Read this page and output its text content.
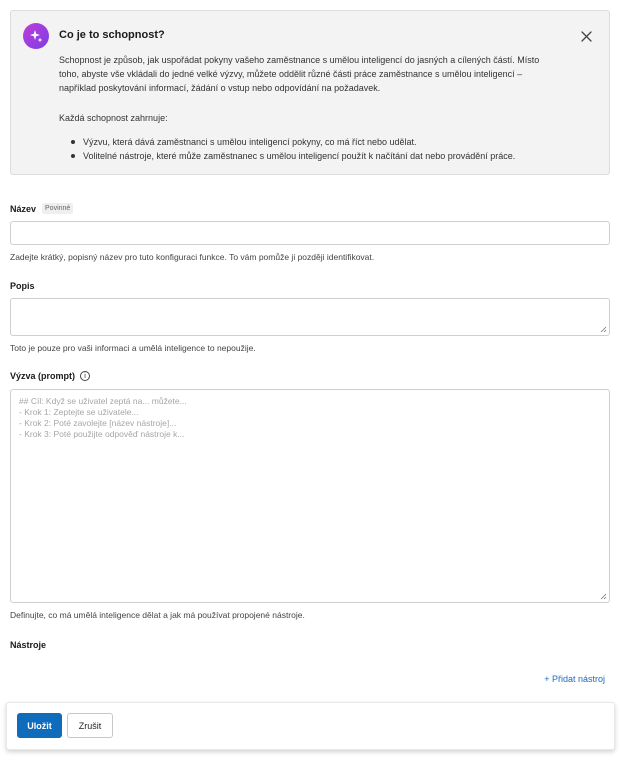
Co je to schopnost?
Schopnost je způsob, jak uspořádat pokyny vašeho zaměstnance s umělou inteligencí do jasných a cílených částí. Místo toho, abyste vše vkládali do jedné velké výzvy, můžete oddělit různé části práce zaměstnance s umělou inteligencí – například poskytování informací, žádání o vstup nebo odpovídání na požadavek.
Každá schopnost zahrnuje:
Výzvu, která dává zaměstnanci s umělou inteligencí pokyny, co má říct nebo udělat.
Volitelné nástroje, které může zaměstnanec s umělou inteligencí použít k načítání dat nebo provádění práce.
Název	Povinné
Zadejte krátký, popisný název pro tuto konfiguraci funkce. To vám pomůže ji později identifikovat.
Popis
Toto je pouze pro vaši informaci a umělá inteligence to nepoužije.
Výzva (prompt)	i
## Cíl: Když se uživatel zeptá na... můžete...
- Krok 1: Zeptejte se uživatele...
- Krok 2: Poté zavolejte [název nástroje]...
- Krok 3: Poté použijte odpověď nástroje k...
Definujte, co má umělá inteligence dělat a jak má používat propojené nástroje.
Nástroje
+ Přidat nástroj
Uložit	Zrušit
